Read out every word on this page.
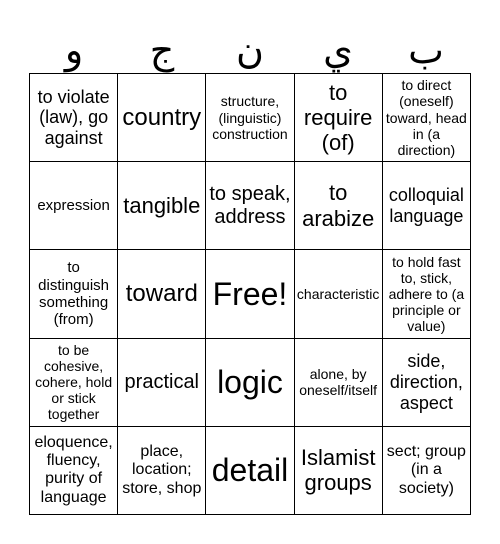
و	ج	ن	ي	ب
to violate (law), go against	country	structure, (linguistic) construction	to require (of)	to direct (oneself) toward, head in (a direction)
expression	tangible	to speak, address	to arabize	colloquial language
to distinguish something (from)	toward	Free!	characteristic	to hold fast to, stick, adhere to (a principle or value)
to be cohesive, cohere, hold or stick together	practical	logic	alone, by oneself/itself	side, direction, aspect
eloquence, fluency, purity of language	place, location; store, shop	detail	Islamist groups	sect; group (in a society)
